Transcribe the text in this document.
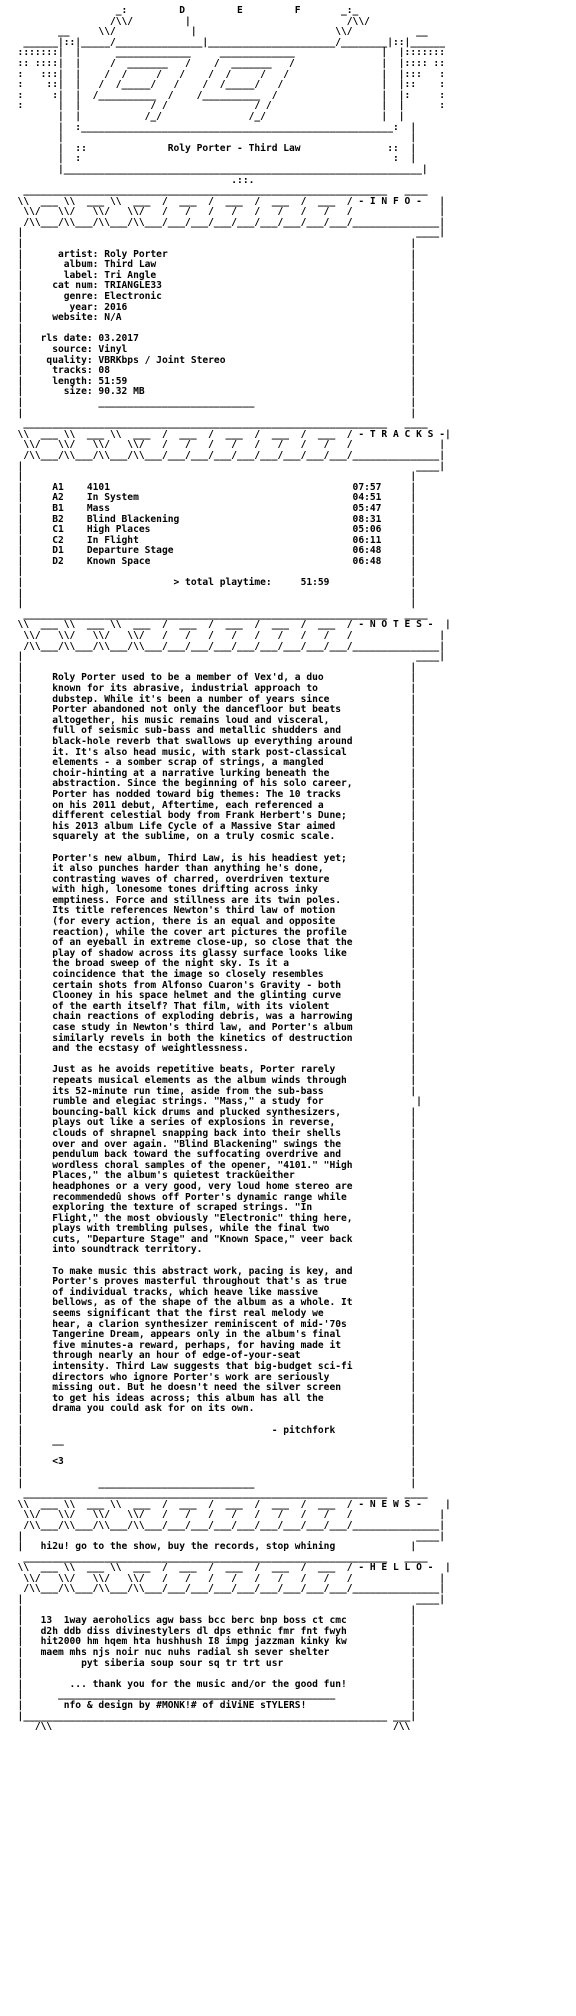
_:         D         E         F       _:_
/\\/         |                           /\\/
__     \\/             |                        \\/           __
______|::|_____/_______________|______________________/________|::|______
:::::::|  |      _____________     _____________               |  |:::::::
:: ::::|  |     /  _______   /    /  _______   /               |  |:::: ::
:   :::|  |    /  /     /   /    /  /     /   /                |  |:::   :
:    ::|  |   /  /_____/   /    /  /_____/   /                 |  |::    :
:     :|  |  /__________  /    /__________  /                  |  |:     :
:      |  |            / /               / /                   |  |      :
|  |           /_/               /_/                    |  |
|  :______________________________________________________:  |
|                                                            |
|  ::              Roly Porter - Third Law               ::  |
|  :                                                      :  |
|______________________________________________________________|
.::.
_______________________________________________________________   ____
\\  ___ \\  ___ \\  ___  /  ___  /  ___  /  ___  /  ___  / - I N F O -   |
\\/   \\/   \\/   \\/   /   /   /   /   /   /   /   /   /               |
/\\___/\\___/\\___/\\___/___/___/___/___/___/___/___/___/_______________|
|                                                                    ____|
|                                                                   |
|      artist: Roly Porter                                          |
|       album: Third Law                                            |
|       label: Tri Angle                                            |
|     cat num: TRIANGLE33                                           |
|       genre: Electronic                                           |
|        year: 2016                                                 |
|     website: N/A                                                  |
|                                                                   |
|   rls date: 03.2017                                               |
|     source: Vinyl                                                 |
|    quality: VBRKbps / Joint Stereo                                |
|     tracks: 08                                                    |
|     length: 51:59                                                 |
|       size: 90.32 MB                                              |
|             ___________________________                           |
|                                                                   |
_______________________________________________________________   ____
\\  ___ \\  ___ \\  ___  /  ___  /  ___  /  ___  /  ___  / - T R A C K S -|
\\/   \\/   \\/   \\/   /   /   /   /   /   /   /   /   /               |
/\\___/\\___/\\___/\\___/___/___/___/___/___/___/___/___/_______________|
|                                                                    ____|
|                                                                   |
|     A1    4101                                          07:57     |
|     A2    In System                                     04:51     |
|     B1    Mass                                          05:47     |
|     B2    Blind Blackening                              08:31     |
|     C1    High Places                                   05:06     |
|     C2    In Flight                                     06:11     |
|     D1    Departure Stage                               06:48     |
|     D2    Known Space                                   06:48     |
|                                                                   |
|                          > total playtime:     51:59              |
|                                                                   |
|                                                                   |
_______________________________________________________________   ____
\\  ___ \\  ___ \\  ___  /  ___  /  ___  /  ___  /  ___  / - N O T E S -  |
\\/   \\/   \\/   \\/   /   /   /   /   /   /   /   /   /               |
/\\___/\\___/\\___/\\___/___/___/___/___/___/___/___/___/_______________|
|                                                                    ____|
|                                                                   |
|     Roly Porter used to be a member of Vex'd, a duo               |
|     known for its abrasive, industrial approach to                |
|     dubstep. While it's been a number of years since              |
|     Porter abandoned not only the dancefloor but beats            |
|     altogether, his music remains loud and visceral,              |
|     full of seismic sub-bass and metallic shudders and            |
|     black-hole reverb that swallows up everything around          |
|     it. It's also head music, with stark post-classical           |
|     elements - a somber scrap of strings, a mangled               |
|     choir-hinting at a narrative lurking beneath the              |
|     abstraction. Since the beginning of his solo career,          |
|     Porter has nodded toward big themes: The 10 tracks            |
|     on his 2011 debut, Aftertime, each referenced a               |
|     different celestial body from Frank Herbert's Dune;           |
|     his 2013 album Life Cycle of a Massive Star aimed             |
|     squarely at the sublime, on a truly cosmic scale.             |
|                                                                   |
|     Porter's new album, Third Law, is his headiest yet;           |
|     it also punches harder than anything he's done,               |
|     contrasting waves of charred, overdriven texture              |
|     with high, lonesome tones drifting across inky                |
|     emptiness. Force and stillness are its twin poles.            |
|     Its title references Newton's third law of motion             |
|     (for every action, there is an equal and opposite             |
|     reaction), while the cover art pictures the profile           |
|     of an eyeball in extreme close-up, so close that the          |
|     play of shadow across its glassy surface looks like           |
|     the broad sweep of the night sky. Is it a                     |
|     coincidence that the image so closely resembles               |
|     certain shots from Alfonso Cuaron's Gravity - both            |
|     Clooney in his space helmet and the glinting curve            |
|     of the earth itself? That film, with its violent              |
|     chain reactions of exploding debris, was a harrowing          |
|     case study in Newton's third law, and Porter's album          |
|     similarly revels in both the kinetics of destruction          |
|     and the ecstasy of weightlessness.                            |
|                                                                   |
|     Just as he avoids repetitive beats, Porter rarely             |
|     repeats musical elements as the album winds through           |
|     its 52-minute run time, aside from the sub-bass               |
|     rumble and elegiac strings. "Mass," a study for                |
|     bouncing-ball kick drums and plucked synthesizers,            |
|     plays out like a series of explosions in reverse,             |
|     clouds of shrapnel snapping back into their shells            |
|     over and over again. "Blind Blackening" swings the            |
|     pendulum back toward the suffocating overdrive and            |
|     wordless choral samples of the opener, "4101." "High          |
|     Places," the album's quietest trackûeither                    |
|     headphones or a very good, very loud home stereo are          |
|     recommendedû shows off Porter's dynamic range while           |
|     exploring the texture of scraped strings. "In                 |
|     Flight," the most obviously "Electronic" thing here,          |
|     plays with trembling pulses, while the final two              |
|     cuts, "Departure Stage" and "Known Space," veer back          |
|     into soundtrack territory.                                    |
|                                                                   |
|     To make music this abstract work, pacing is key, and          |
|     Porter's proves masterful throughout that's as true           |
|     of individual tracks, which heave like massive                |
|     bellows, as of the shape of the album as a whole. It          |
|     seems significant that the first real melody we               |
|     hear, a clarion synthesizer reminiscent of mid-'70s           |
|     Tangerine Dream, appears only in the album's final            |
|     five minutes-a reward, perhaps, for having made it            |
|     through nearly an hour of edge-of-your-seat                   |
|     intensity. Third Law suggests that big-budget sci-fi          |
|     directors who ignore Porter's work are seriously              |
|     missing out. But he doesn't need the silver screen            |
|     to get his ideas across; this album has all the               |
|     drama you could ask for on its own.                           |
|                                                                   |
|                                           - pitchfork             |
|     __                                                            |
|                                                                   |
|     <3                                                            |
|                                                                   |
|             ___________________________                           |
_______________________________________________________________   ____
\\  ___ \\  ___ \\  ___  /  ___  /  ___  /  ___  /  ___  / - N E W S -    |
\\/   \\/   \\/   \\/   /   /   /   /   /   /   /   /   /               |
/\\___/\\___/\\___/\\___/___/___/___/___/___/___/___/___/_______________|
|                                                                    ____|
|   hi2u! go to the show, buy the records, stop whining             |
_______________________________________________________________   ____
\\  ___ \\  ___ \\  ___  /  ___  /  ___  /  ___  /  ___  / - H E L L O -  |
\\/   \\/   \\/   \\/   /   /   /   /   /   /   /   /   /               |
/\\___/\\___/\\___/\\___/___/___/___/___/___/___/___/___/_______________|
|                                                                    ____|
|                                                                   |
|   13  1way aeroholics agw bass bcc berc bnp boss ct cmc           |
|   d2h ddb diss divinestylers dl dps ethnic fmr fnt fwyh           |
|   hit2000 hm hqem hta hushhush I8 impg jazzman kinky kw           |
|   maem mhs njs noir nuc nuhs radial sh sever shelter              |
|          pyt siberia soup sour sq tr trt usr                      |
|                                                                   |
|        ... thank you for the music and/or the good fun!           |
|      ________________________________________________             |
|       nfo & design by #MONK!# of diViNE sTYLERS!                  |
|_______________________________________________________________ ___|
/\\                                                           /\\
